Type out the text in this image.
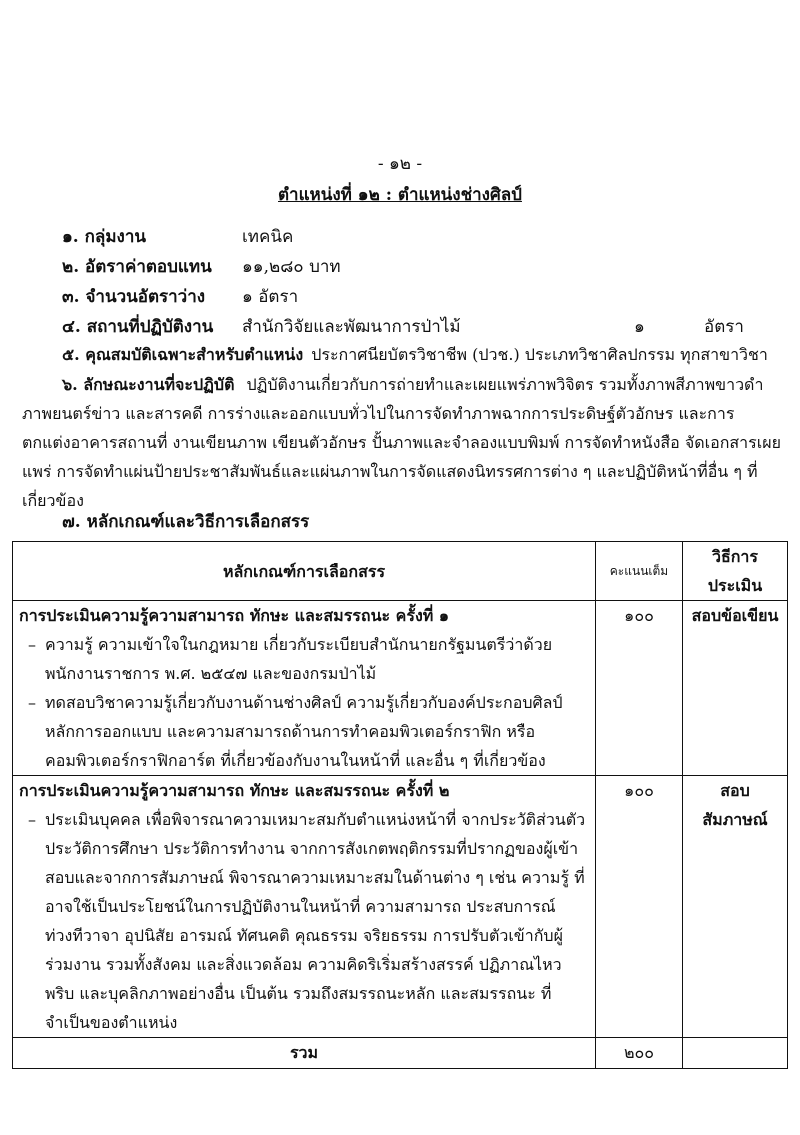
- ๑๒ -
ตำแหน่งที่ ๑๒ : ตำแหน่งช่างศิลป์
๑. กลุ่มงาน	เทคนิค
๒. อัตราค่าตอบแทน ๑๑,๒๘๐ บาท
๓. จำนวนอัตราว่าง ๑ อัตรา
๔. สถานที่ปฏิบัติงาน สำนักวิจัยและพัฒนาการป่าไม้	๑	อัตรา
๕. คุณสมบัติเฉพาะสำหรับตำแหน่ง ประกาศนียบัตรวิชาชีพ (ปวช.) ประเภทวิชาศิลปกรรม ทุกสาขาวิชา
๖. ลักษณะงานที่จะปฏิบัติ ปฏิบัติงานเกี่ยวกับการถ่ายทำและเผยแพร่ภาพวิจิตร รวมทั้งภาพสีภาพขาวดำ ภาพยนตร์ข่าว และสารคดี การร่างและออกแบบทั่วไปในการจัดทำภาพฉากการประดิษฐ์ตัวอักษร และการตกแต่งอาคารสถานที่ งานเขียนภาพ เขียนตัวอักษร ปั้นภาพและจำลองแบบพิมพ์ การจัดทำหนังสือ จัดเอกสารเผยแพร่ การจัดทำแผ่นป้ายประชาสัมพันธ์และแผ่นภาพในการจัดแสดงนิทรรศการต่าง ๆ และปฏิบัติหน้าที่อื่น ๆ ที่เกี่ยวข้อง
๗. หลักเกณฑ์และวิธีการเลือกสรร
หลักเกณฑ์การเลือกสรร	คะแนนเต็ม	วิธีการประเมิน

การประเมินความรู้ความสามารถ ทักษะ และสมรรถนะ ครั้งที่ ๑
– ความรู้ ความเข้าใจในกฎหมาย เกี่ยวกับระเบียบสำนักนายกรัฐมนตรีว่าด้วยพนักงานราชการ พ.ศ. ๒๕๔๗ และของกรมป่าไม้
– ทดสอบวิชาความรู้เกี่ยวกับงานด้านช่างศิลป์ ความรู้เกี่ยวกับองค์ประกอบศิลป์ หลักการออกแบบ และความสามารถด้านการทำคอมพิวเตอร์กราฟิก หรือคอมพิวเตอร์กราฟิกอาร์ต ที่เกี่ยวข้องกับงานในหน้าที่ และอื่น ๆ ที่เกี่ยวข้อง	๑๐๐	สอบข้อเขียน

การประเมินความรู้ความสามารถ ทักษะ และสมรรถนะ ครั้งที่ ๒
– ประเมินบุคคล เพื่อพิจารณาความเหมาะสมกับตำแหน่งหน้าที่ จากประวัติส่วนตัว ประวัติการศึกษา ประวัติการทำงาน จากการสังเกตพฤติกรรมที่ปรากฏของผู้เข้าสอบและจากการสัมภาษณ์ พิจารณาความเหมาะสมในด้านต่าง ๆ เช่น ความรู้ ที่อาจใช้เป็นประโยชน์ในการปฏิบัติงานในหน้าที่ ความสามารถ ประสบการณ์ ท่วงทีวาจา อุปนิสัย อารมณ์ ทัศนคติ คุณธรรม จริยธรรม การปรับตัวเข้ากับผู้ร่วมงาน รวมทั้งสังคม และสิ่งแวดล้อม ความคิดริเริ่มสร้างสรรค์ ปฏิภาณไหวพริบ และบุคลิกภาพอย่างอื่น เป็นต้น รวมถึงสมรรถนะหลัก และสมรรถนะ ที่จำเป็นของตำแหน่ง	๑๐๐	สอบสัมภาษณ์
รวม	๒๐๐	
